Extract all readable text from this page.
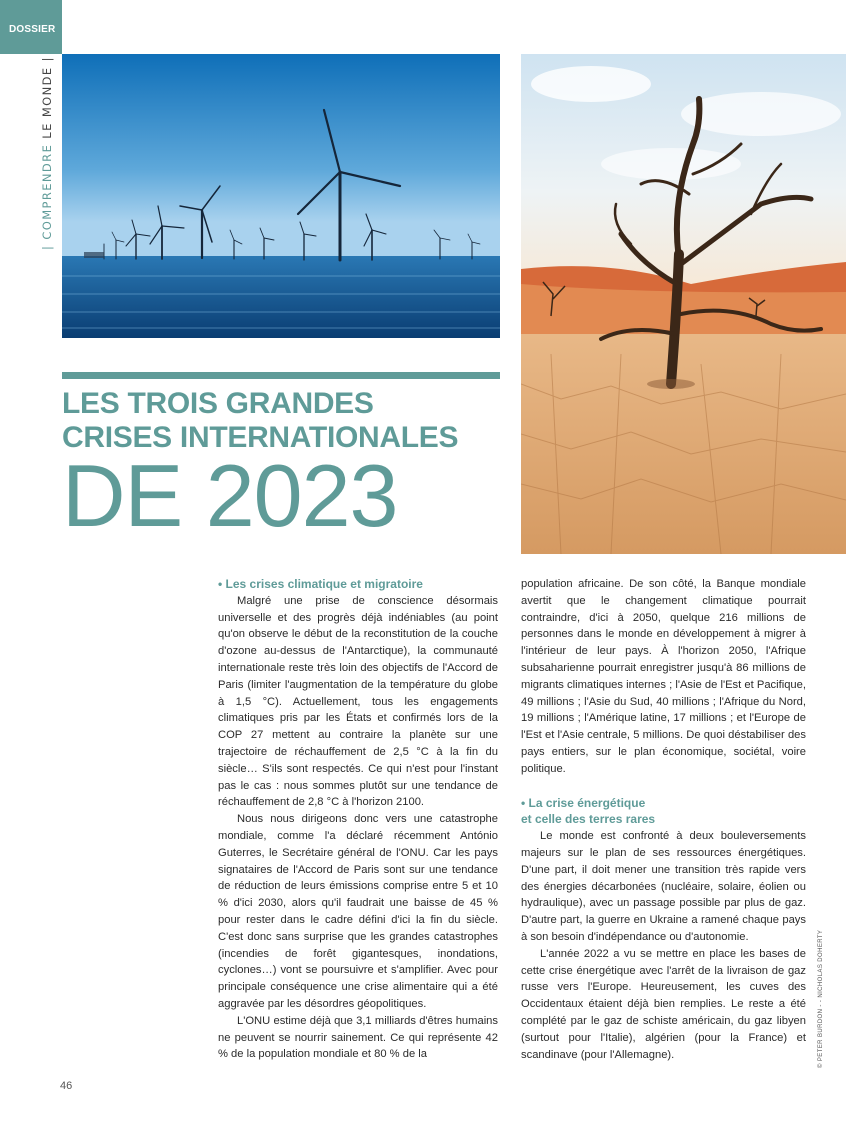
DOSSIER
| COMPRENDRE LE MONDE |
LES TROIS GRANDES
CRISES INTERNATIONALES
DE 2023
• Les crises climatique et migratoire

Malgré une prise de conscience désormais universelle et des progrès déjà indéniables (au point qu'on observe le début de la reconstitution de la couche d'ozone au-dessus de l'Antarctique), la communauté internationale reste très loin des objectifs de l'Accord de Paris (limiter l'augmentation de la température du globe à 1,5 °C). Actuellement, tous les engagements climatiques pris par les États et confirmés lors de la COP 27 mettent au contraire la planète sur une trajectoire de réchauffement de 2,5 °C à la fin du siècle… S'ils sont respectés. Ce qui n'est pour l'instant pas le cas : nous sommes plutôt sur une tendance de réchauffement de 2,8 °C à l'horizon 2100.

Nous nous dirigeons donc vers une catastrophe mondiale, comme l'a déclaré récemment António Guterres, le Secrétaire général de l'ONU. Car les pays signataires de l'Accord de Paris sont sur une tendance de réduction de leurs émissions comprise entre 5 et 10 % d'ici 2030, alors qu'il faudrait une baisse de 45 % pour rester dans le cadre défini d'ici la fin du siècle. C'est donc sans surprise que les grandes catastrophes (incendies de forêt gigantesques, inondations, cyclones…) vont se poursuivre et s'amplifier. Avec pour principale conséquence une crise alimentaire qui a été aggravée par les désordres géopolitiques.

L'ONU estime déjà que 3,1 milliards d'êtres humains ne peuvent se nourrir sainement. Ce qui représente 42 % de la population mondiale et 80 % de la

population africaine. De son côté, la Banque mondiale avertit que le changement climatique pourrait contraindre, d'ici à 2050, quelque 216 millions de personnes dans le monde en développement à migrer à l'intérieur de leur pays. À l'horizon 2050, l'Afrique subsaharienne pourrait enregistrer jusqu'à 86 millions de migrants climatiques internes ; l'Asie de l'Est et Pacifique, 49 millions ; l'Asie du Sud, 40 millions ; l'Afrique du Nord, 19 millions ; l'Amérique latine, 17 millions ; et l'Europe de l'Est et l'Asie centrale, 5 millions. De quoi déstabiliser des pays entiers, sur le plan économique, sociétal, voire politique.

• La crise énergétique
et celle des terres rares

Le monde est confronté à deux bouleversements majeurs sur le plan de ses ressources énergétiques. D'une part, il doit mener une transition très rapide vers des énergies décarbonées (nucléaire, solaire, éolien ou hydraulique), avec un passage possible par plus de gaz. D'autre part, la guerre en Ukraine a ramené chaque pays à son besoin d'indépendance ou d'autonomie.

L'année 2022 a vu se mettre en place les bases de cette crise énergétique avec l'arrêt de la livraison de gaz russe vers l'Europe. Heureusement, les cuves des Occidentaux étaient déjà bien remplies. Le reste a été complété par le gaz de schiste américain, du gaz libyen (surtout pour l'Italie), algérien (pour la France) et scandinave (pour l'Allemagne).

46
© PETER BURDON - - NICHOLAS DOHERTY
